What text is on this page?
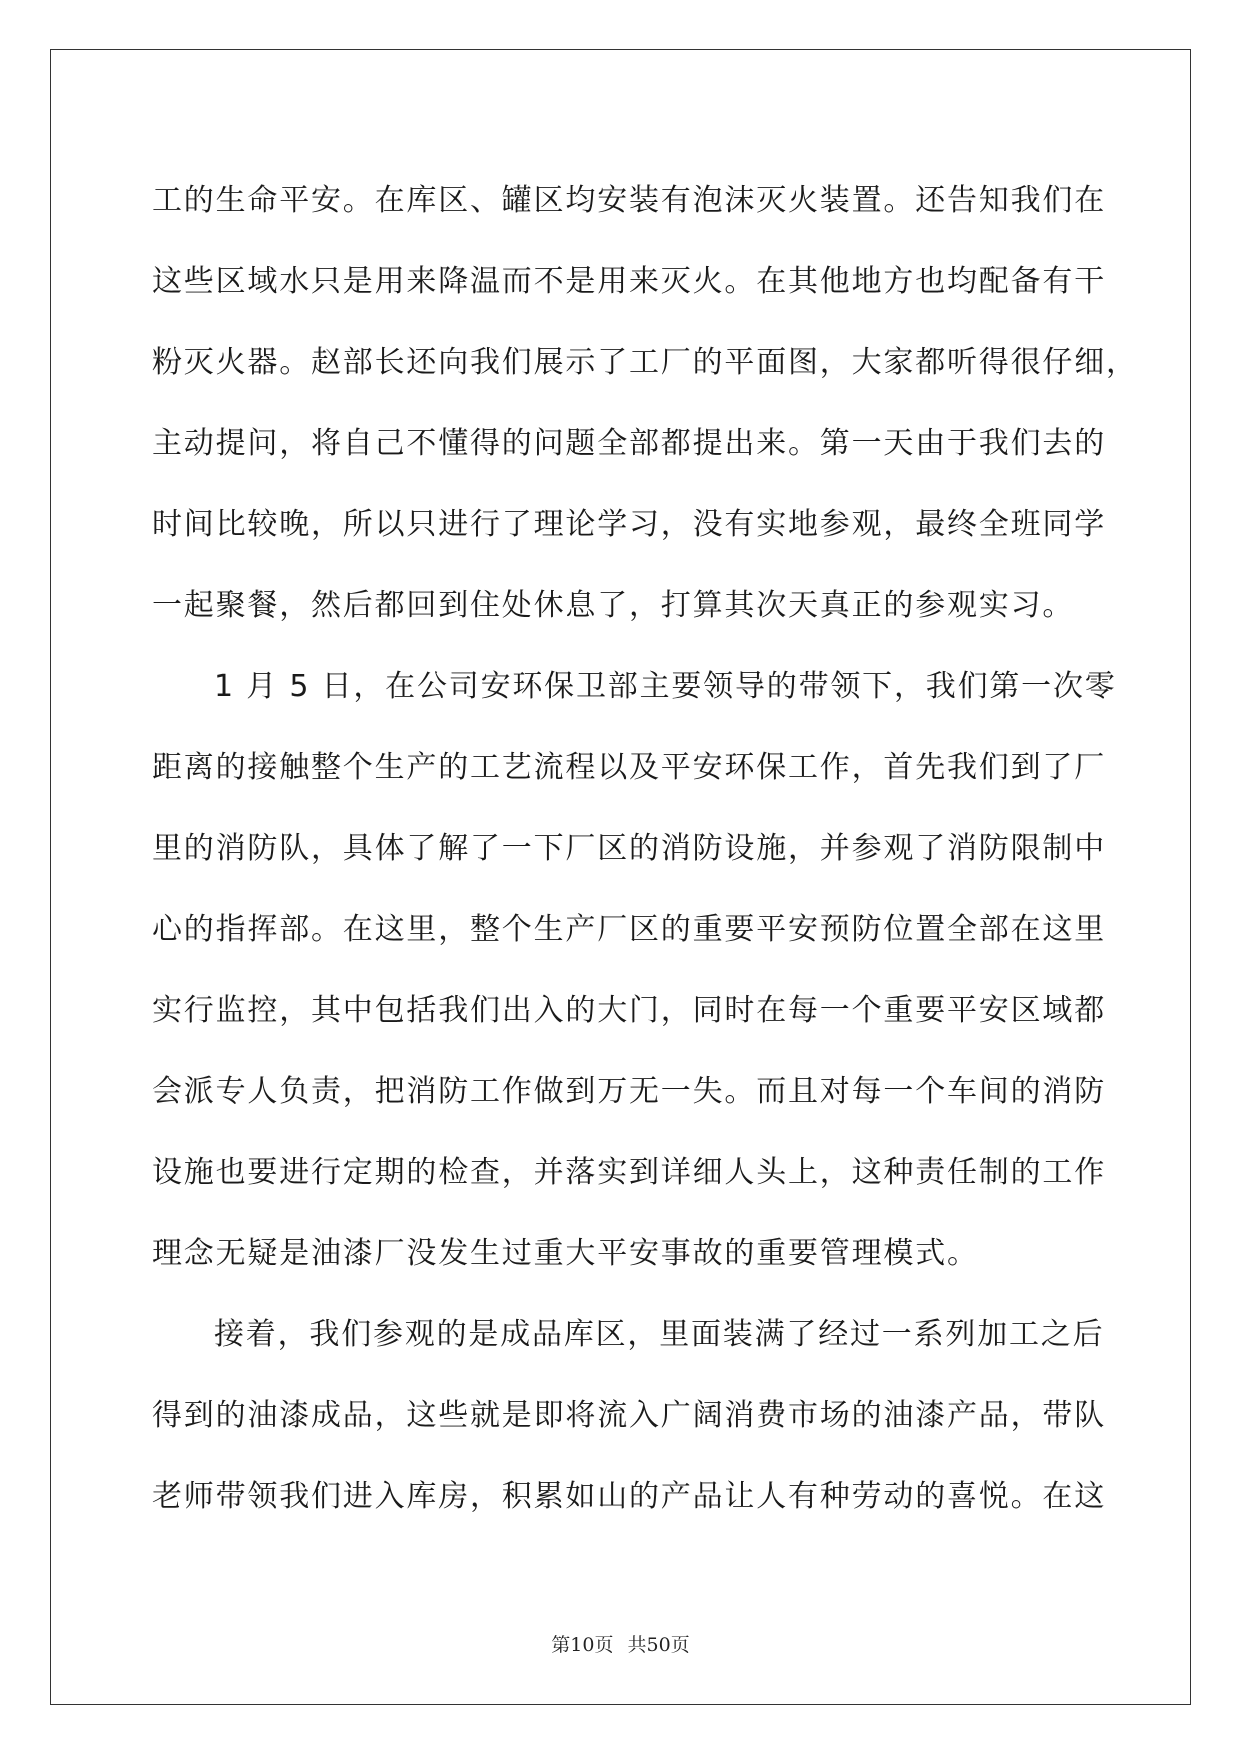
工的生命平安。在库区、罐区均安装有泡沫灭火装置。还告知我们在
这些区域水只是用来降温而不是用来灭火。在其他地方也均配备有干
粉灭火器。赵部长还向我们展示了工厂的平面图，大家都听得很仔细，
主动提问，将自己不懂得的问题全部都提出来。第一天由于我们去的
时间比较晚，所以只进行了理论学习，没有实地参观，最终全班同学
一起聚餐，然后都回到住处休息了，打算其次天真正的参观实习。
1 月 5 日，在公司安环保卫部主要领导的带领下，我们第一次零
距离的接触整个生产的工艺流程以及平安环保工作，首先我们到了厂
里的消防队，具体了解了一下厂区的消防设施，并参观了消防限制中
心的指挥部。在这里，整个生产厂区的重要平安预防位置全部在这里
实行监控，其中包括我们出入的大门，同时在每一个重要平安区域都
会派专人负责，把消防工作做到万无一失。而且对每一个车间的消防
设施也要进行定期的检查，并落实到详细人头上，这种责任制的工作
理念无疑是油漆厂没发生过重大平安事故的重要管理模式。
接着，我们参观的是成品库区，里面装满了经过一系列加工之后
得到的油漆成品，这些就是即将流入广阔消费市场的油漆产品，带队
老师带领我们进入库房，积累如山的产品让人有种劳动的喜悦。在这
第10页 共50页
